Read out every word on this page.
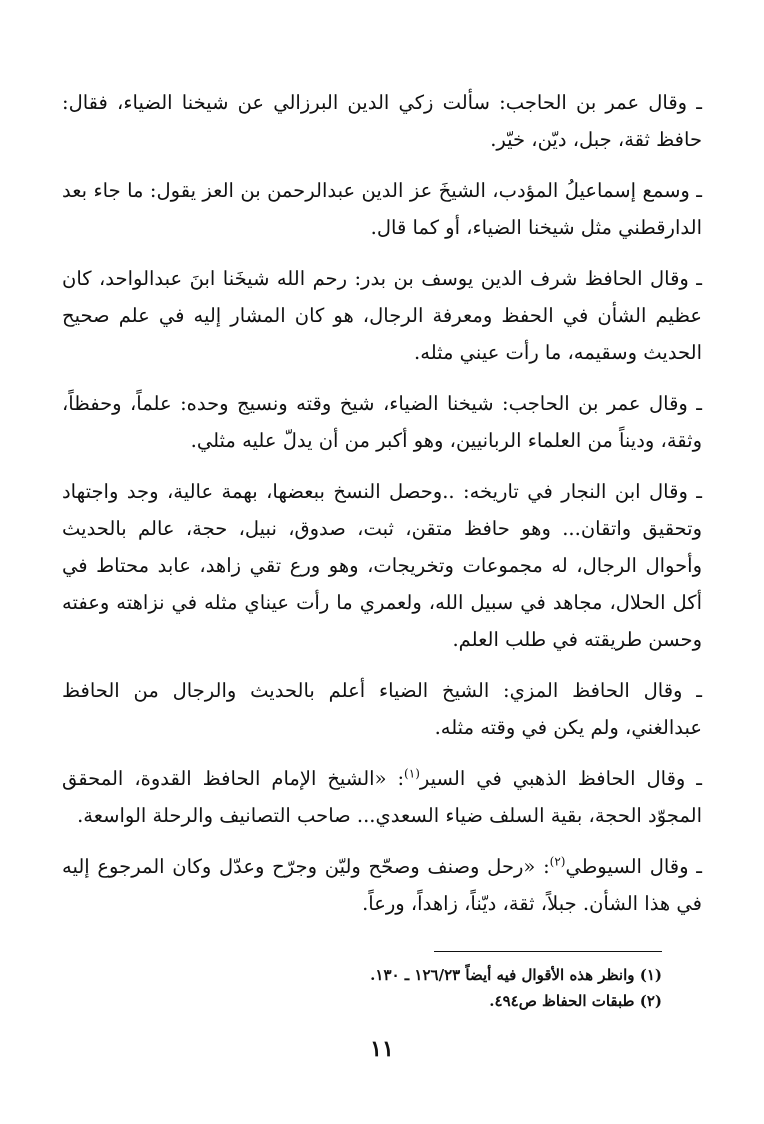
ـ وقال عمر بن الحاجب: سألت زكي الدين البرزالي عن شيخنا الضياء، فقال: حافظ ثقة، جبل، ديّن، خيّر.

ـ وسمع إسماعيلُ المؤدب، الشيخَ عز الدين عبدالرحمن بن العز يقول: ما جاء بعد الدارقطني مثل شيخنا الضياء، أو كما قال.

ـ وقال الحافظ شرف الدين يوسف بن بدر: رحم الله شيخَنا ابنَ عبدالواحد، كان عظيم الشأن في الحفظ ومعرفة الرجال، هو كان المشار إليه في علم صحيح الحديث وسقيمه، ما رأت عيني مثله.

ـ وقال عمر بن الحاجب: شيخنا الضياء، شيخ وقته ونسيج وحده: علماً، وحفظاً، وثقة، وديناً من العلماء الربانيين، وهو أكبر من أن يدلّ عليه مثلي.

ـ وقال ابن النجار في تاريخه: ..وحصل النسخ ببعضها، بهمة عالية، وجد واجتهاد وتحقيق واتقان... وهو حافظ متقن، ثبت، صدوق، نبيل، حجة، عالم بالحديث وأحوال الرجال، له مجموعات وتخريجات، وهو ورع تقي زاهد، عابد محتاط في أكل الحلال، مجاهد في سبيل الله، ولعمري ما رأت عيناي مثله في نزاهته وعفته وحسن طريقته في طلب العلم.

ـ وقال الحافظ المزي: الشيخ الضياء أعلم بالحديث والرجال من الحافظ عبدالغني، ولم يكن في وقته مثله.

ـ وقال الحافظ الذهبي في السير$^{(١)}$: «الشيخ الإمام الحافظ القدوة، المحقق المجوّد الحجة، بقية السلف ضياء السعدي... صاحب التصانيف والرحلة الواسعة.

ـ وقال السيوطي$^{(٢)}$: «رحل وصنف وصحّح وليّن وجرّح وعدّل وكان المرجوع إليه في هذا الشأن. جبلاً، ثقة، ديّناً، زاهداً، ورعاً.

(١) وانظر هذه الأقوال فيه أيضاً ١٢٦/٢٣ ـ ١٣٠.

(٢) طبقات الحفاظ ص٤٩٤.

١١
